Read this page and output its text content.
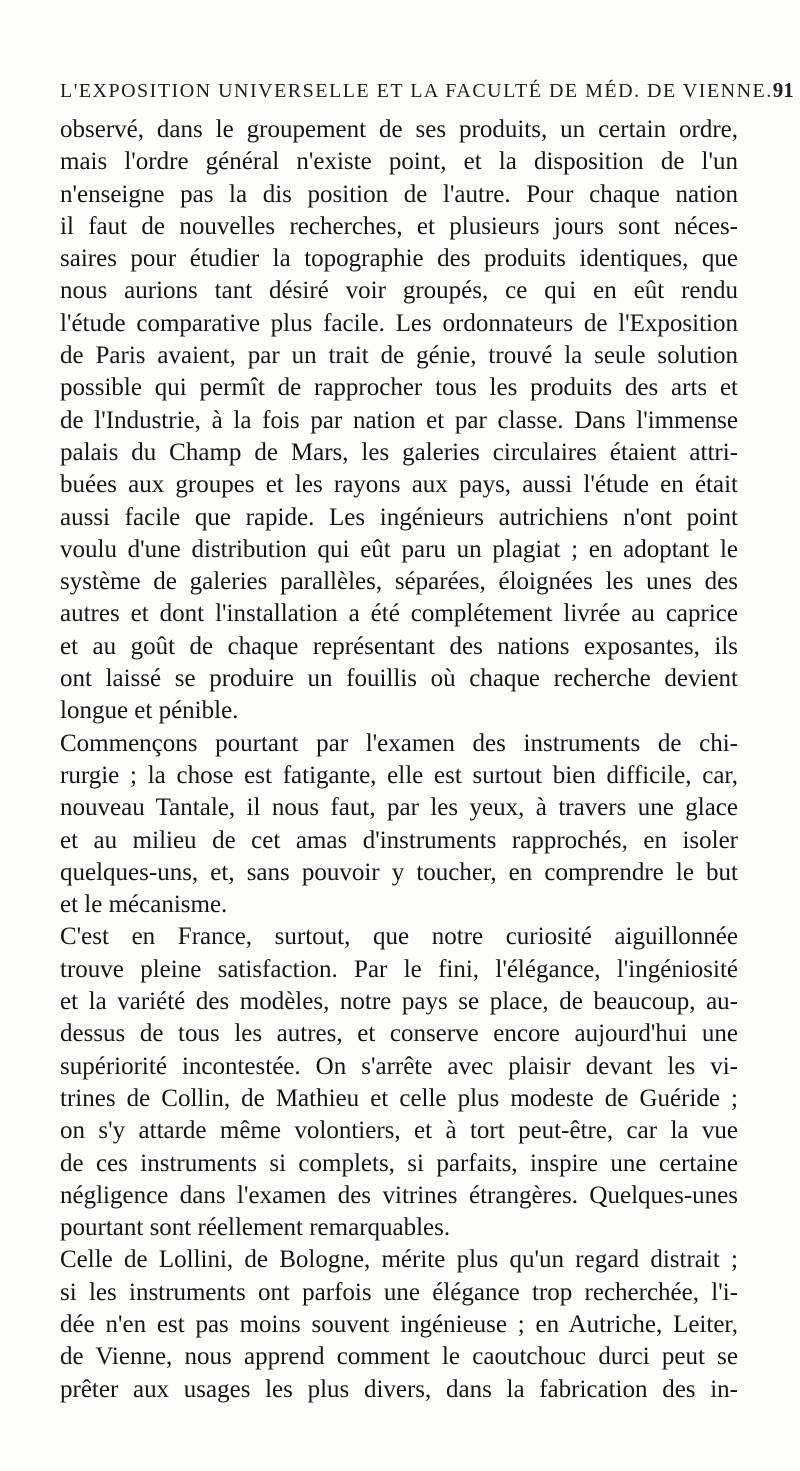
L'EXPOSITION UNIVERSELLE ET LA FACULTÉ DE MÉD. DE VIENNE. 91
observé, dans le groupement de ses produits, un certain ordre,
mais l'ordre général n'existe point, et la disposition de l'un
n'enseigne pas la dis position de l'autre. Pour chaque nation
il faut de nouvelles recherches, et plusieurs jours sont néces-
saires pour étudier la topographie des produits identiques, que
nous aurions tant désiré voir groupés, ce qui en eût rendu
l'étude comparative plus facile. Les ordonnateurs de l'Exposition
de Paris avaient, par un trait de génie, trouvé la seule solution
possible qui permît de rapprocher tous les produits des arts et
de l'Industrie, à la fois par nation et par classe. Dans l'immense
palais du Champ de Mars, les galeries circulaires étaient attri-
buées aux groupes et les rayons aux pays, aussi l'étude en était
aussi facile que rapide. Les ingénieurs autrichiens n'ont point
voulu d'une distribution qui eût paru un plagiat ; en adoptant le
système de galeries parallèles, séparées, éloignées les unes des
autres et dont l'installation a été complétement livrée au caprice
et au goût de chaque représentant des nations exposantes, ils
ont laissé se produire un fouillis où chaque recherche devient
longue et pénible.
Commençons pourtant par l'examen des instruments de chi-
rurgie ; la chose est fatigante, elle est surtout bien difficile, car,
nouveau Tantale, il nous faut, par les yeux, à travers une glace
et au milieu de cet amas d'instruments rapprochés, en isoler
quelques-uns, et, sans pouvoir y toucher, en comprendre le but
et le mécanisme.
C'est en France, surtout, que notre curiosité aiguillonnée
trouve pleine satisfaction. Par le fini, l'élégance, l'ingéniosité
et la variété des modèles, notre pays se place, de beaucoup, au-
dessus de tous les autres, et conserve encore aujourd'hui une
supériorité incontestée. On s'arrête avec plaisir devant les vi-
trines de Collin, de Mathieu et celle plus modeste de Guéride ;
on s'y attarde même volontiers, et à tort peut-être, car la vue
de ces instruments si complets, si parfaits, inspire une certaine
négligence dans l'examen des vitrines étrangères. Quelques-unes
pourtant sont réellement remarquables.
Celle de Lollini, de Bologne, mérite plus qu'un regard distrait ;
si les instruments ont parfois une élégance trop recherchée, l'i-
dée n'en est pas moins souvent ingénieuse ; en Autriche, Leiter,
de Vienne, nous apprend comment le caoutchouc durci peut se
prêter aux usages les plus divers, dans la fabrication des in-
